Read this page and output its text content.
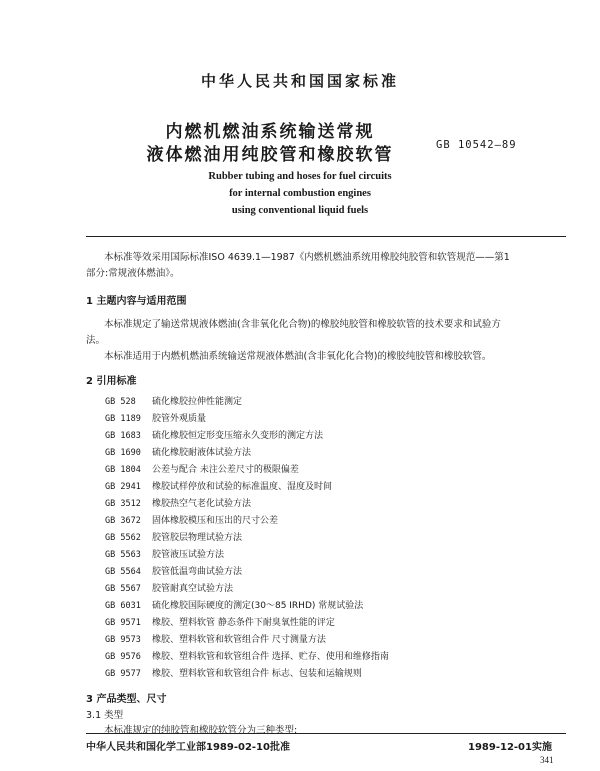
中华人民共和国国家标准
内燃机燃油系统输送常规
液体燃油用纯胶管和橡胶软管	GB 10542—89
Rubber tubing and hoses for fuel circuits
for internal combustion engines
using conventional liquid fuels
本标准等效采用国际标准ISO 4639.1—1987《内燃机燃油系统用橡胶纯胶管和软管规范——第1
部分:常规液体燃油》。
1 主题内容与适用范围
本标准规定了输送常规液体燃油(含非氧化化合物)的橡胶纯胶管和橡胶软管的技术要求和试验方
法。
本标准适用于内燃机燃油系统输送常规液体燃油(含非氧化化合物)的橡胶纯胶管和橡胶软管。
2 引用标准
GB 528 硫化橡胶拉伸性能测定
GB 1189 胶管外观质量
GB 1683 硫化橡胶恒定形变压缩永久变形的测定方法
GB 1690 硫化橡胶耐液体试验方法
GB 1804 公差与配合 未注公差尺寸的极限偏差
GB 2941 橡胶试样停放和试验的标准温度、湿度及时间
GB 3512 橡胶热空气老化试验方法
GB 3672 固体橡胶模压和压出的尺寸公差
GB 5562 胶管胶层物理试验方法
GB 5563 胶管液压试验方法
GB 5564 胶管低温弯曲试验方法
GB 5567 胶管耐真空试验方法
GB 6031 硫化橡胶国际硬度的测定(30～85 IRHD) 常规试验法
GB 9571 橡胶、塑料软管 静态条件下耐臭氧性能的评定
GB 9573 橡胶、塑料软管和软管组合件 尺寸测量方法
GB 9576 橡胶、塑料软管和软管组合件 选择、贮存、使用和维修指南
GB 9577 橡胶、塑料软管和软管组合件 标志、包装和运输规则
3 产品类型、尺寸
3.1 类型
本标准规定的纯胶管和橡胶软管分为三种类型:
中华人民共和国化学工业部1989-02-10批准	1989-12-01实施
341
